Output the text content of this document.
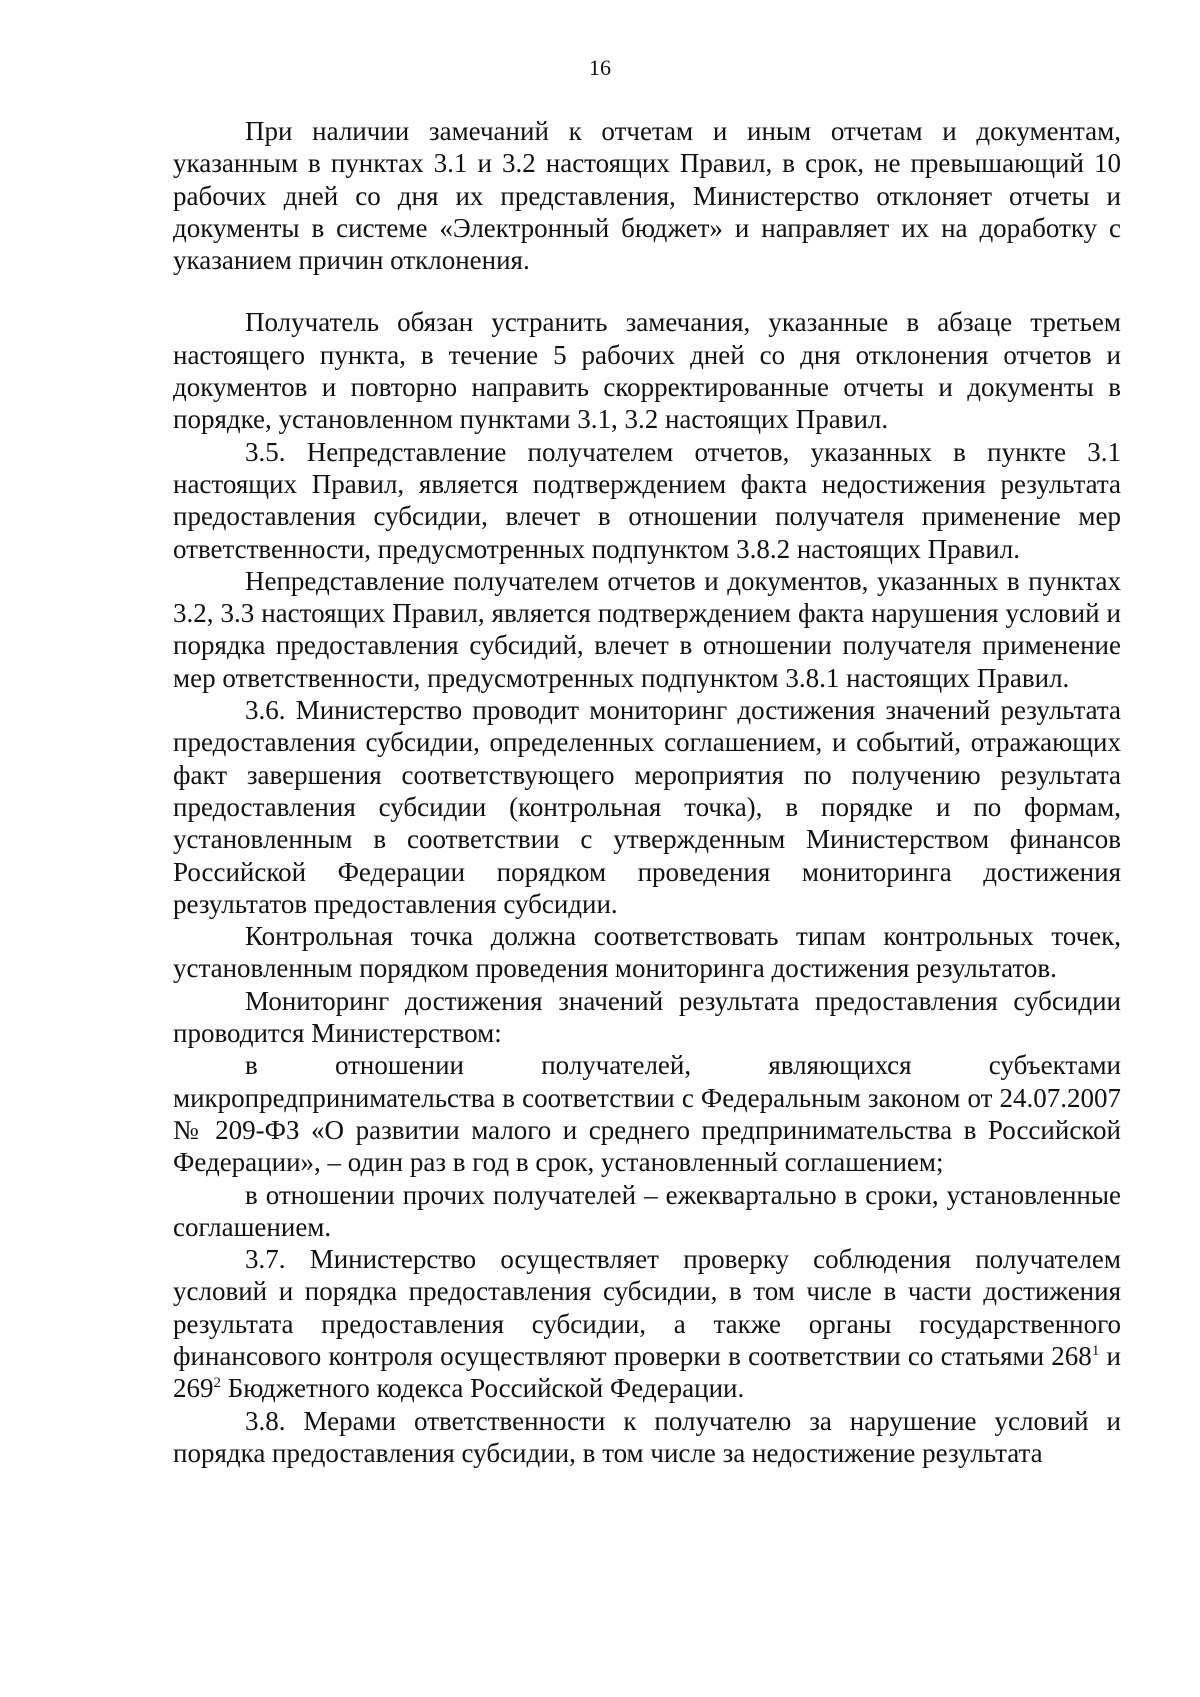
16

При наличии замечаний к отчетам и иным отчетам и документам, указанным в пунктах 3.1 и 3.2 настоящих Правил, в срок, не превышающий 10 рабочих дней со дня их представления, Министерство отклоняет отчеты и документы в системе «Электронный бюджет» и направляет их на доработку с указанием причин отклонения.

Получатель обязан устранить замечания, указанные в абзаце третьем настоящего пункта, в течение 5 рабочих дней со дня отклонения отчетов и документов и повторно направить скорректированные отчеты и документы в порядке, установленном пунктами 3.1, 3.2 настоящих Правил.

3.5. Непредставление получателем отчетов, указанных в пункте 3.1 настоящих Правил, является подтверждением факта недостижения результата предоставления субсидии, влечет в отношении получателя применение мер ответственности, предусмотренных подпунктом 3.8.2 настоящих Правил.

Непредставление получателем отчетов и документов, указанных в пунктах 3.2, 3.3 настоящих Правил, является подтверждением факта нарушения условий и порядка предоставления субсидий, влечет в отношении получателя применение мер ответственности, предусмотренных подпунктом 3.8.1 настоящих Правил.

3.6. Министерство проводит мониторинг достижения значений результата предоставления субсидии, определенных соглашением, и событий, отражающих факт завершения соответствующего мероприятия по получению результата предоставления субсидии (контрольная точка), в порядке и по формам, установленным в соответствии с утвержденным Министерством финансов Российской Федерации порядком проведения мониторинга достижения результатов предоставления субсидии.

Контрольная точка должна соответствовать типам контрольных точек, установленным порядком проведения мониторинга достижения результатов.

Мониторинг достижения значений результата предоставления субсидии проводится Министерством:

в отношении получателей, являющихся субъектами микропредпринимательства в соответствии с Федеральным законом от 24.07.2007 № 209-ФЗ «О развитии малого и среднего предпринимательства в Российской Федерации», – один раз в год в срок, установленный соглашением;

в отношении прочих получателей – ежеквартально в сроки, установленные соглашением.

3.7. Министерство осуществляет проверку соблюдения получателем условий и порядка предоставления субсидии, в том числе в части достижения результата предоставления субсидии, а также органы государственного финансового контроля осуществляют проверки в соответствии со статьями $268^1$ и $269^2$ Бюджетного кодекса Российской Федерации.

3.8. Мерами ответственности к получателю за нарушение условий и порядка предоставления субсидии, в том числе за недостижение результата
